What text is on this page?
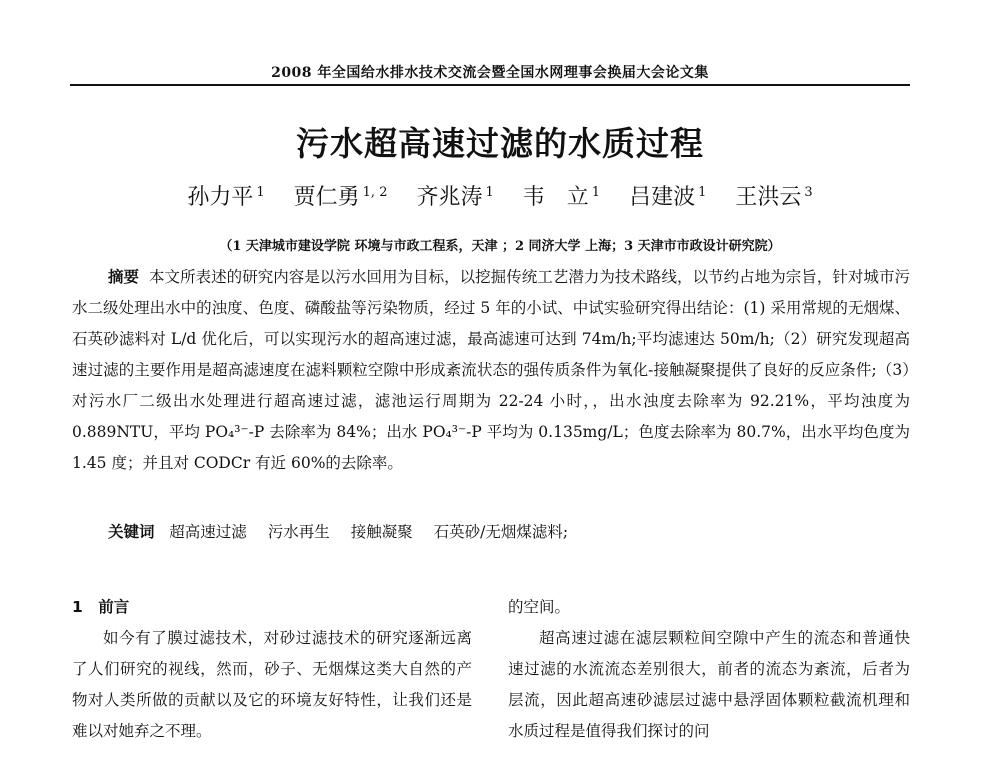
2008 年全国给水排水技术交流会暨全国水网理事会换届大会论文集
污水超高速过滤的水质过程
孙力平 $^1$ 贾仁勇 $^{1, 2}$ 齐兆涛 $^1$ 韦　立 $^1$ 吕建波 $^1$ 王洪云 $^3$
（1 天津城市建设学院 环境与市政工程系，天津 ；2 同济大学 上海；3 天津市市政设计研究院）

摘要 本文所表述的研究内容是以污水回用为目标，以挖掘传统工艺潜力为技术路线，以节约占地为宗旨，针对城市污水二级处理出水中的浊度、色度、磷酸盐等污染物质，经过 5 年的小试、中试实验研究得出结论：(1) 采用常规的无烟煤、石英砂滤料对 L/d 优化后，可以实现污水的超高速过滤，最高滤速可达到 74m/h;平均滤速达 50m/h;（2）研究发现超高速过滤的主要作用是超高滤速度在滤料颗粒空隙中形成紊流状态的强传质条件为氧化-接触凝聚提供了良好的反应条件;（3）对污水厂二级出水处理进行超高速过滤，滤池运行周期为 22-24 小时，，出水浊度去除率为 92.21%，平均浊度为 0.889NTU，平均 PO₄³⁻-P 去除率为 84%；出水 PO₄³⁻-P 平均为 0.135mg/L；色度去除率为 80.7%，出水平均色度为 1.45 度；并且对 CODCr 有近 60%的去除率。

关键词 超高速过滤 污水再生 接触凝聚 石英砂/无烟煤滤料;

1　前言

如今有了膜过滤技术，对砂过滤技术的研究逐渐远离了人们研究的视线，然而，砂子、无烟煤这类大自然的产物对人类所做的贡献以及它的环境友好特性，让我们还是难以对她弃之不理。

的空间。

超高速过滤在滤层颗粒间空隙中产生的流态和普通快速过滤的水流流态差别很大，前者的流态为紊流，后者为层流，因此超高速砂滤层过滤中悬浮固体颗粒截流机理和水质过程是值得我们探讨的问
